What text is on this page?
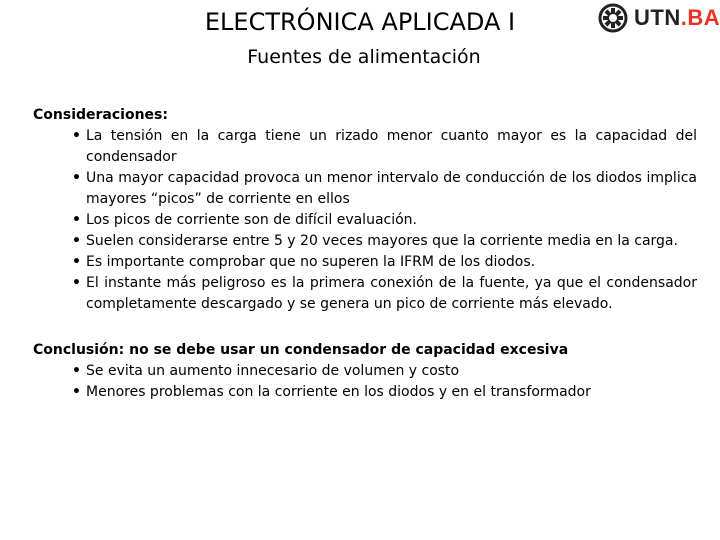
ELECTRÓNICA APLICADA I
Fuentes de alimentación
UTN.BA

Consideraciones:

• La tensión en la carga tiene un rizado menor cuanto mayor es la capacidad del condensador
• Una mayor capacidad provoca un menor intervalo de conducción de los diodos implica mayores “picos” de corriente en ellos
• Los picos de corriente son de difícil evaluación.
• Suelen considerarse entre 5 y 20 veces mayores que la corriente media en la carga.
• Es importante comprobar que no superen la IFRM de los diodos.
• El instante más peligroso es la primera conexión de la fuente, ya que el condensador completamente descargado y se genera un pico de corriente más elevado.

Conclusión: no se debe usar un condensador de capacidad excesiva

• Se evita un aumento innecesario de volumen y costo
• Menores problemas con la corriente en los diodos y en el transformador
